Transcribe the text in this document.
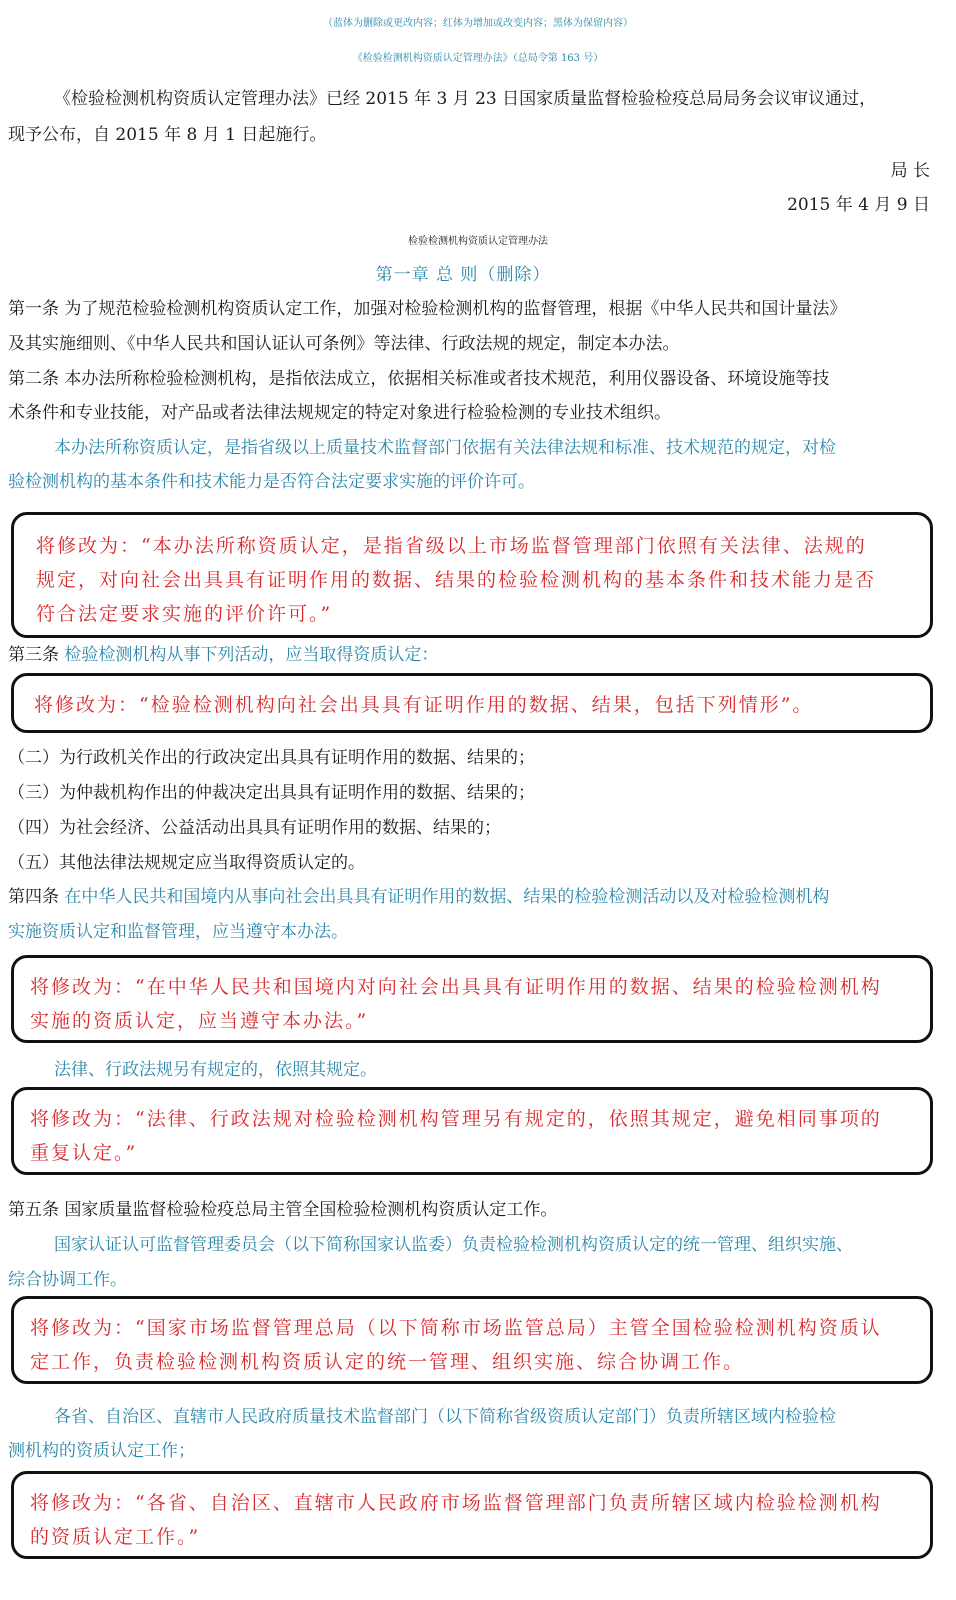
（蓝体为删除或更改内容；红体为增加或改变内容；黑体为保留内容）
《检验检测机构资质认定管理办法》（总局令第 163 号）
《检验检测机构资质认定管理办法》已经 2015 年 3 月 23 日国家质量监督检验检疫总局局务会议审议通过，
现予公布，自 2015 年 8 月 1 日起施行。
局 长
2015 年 4 月 9 日
检验检测机构资质认定管理办法
第一章 总 则（删除）
第一条 为了规范检验检测机构资质认定工作，加强对检验检测机构的监督管理，根据《中华人民共和国计量法》
及其实施细则、《中华人民共和国认证认可条例》等法律、行政法规的规定，制定本办法。
第二条 本办法所称检验检测机构，是指依法成立，依据相关标准或者技术规范，利用仪器设备、环境设施等技
术条件和专业技能，对产品或者法律法规规定的特定对象进行检验检测的专业技术组织。
本办法所称资质认定，是指省级以上质量技术监督部门依据有关法律法规和标准、技术规范的规定，对检
验检测机构的基本条件和技术能力是否符合法定要求实施的评价许可。
将修改为：“本办法所称资质认定，是指省级以上市场监督管理部门依照有关法律、法规的
规定，对向社会出具具有证明作用的数据、结果的检验检测机构的基本条件和技术能力是否
符合法定要求实施的评价许可。”
第三条 检验检测机构从事下列活动，应当取得资质认定：
将修改为：“检验检测机构向社会出具具有证明作用的数据、结果，包括下列情形”。
（二）为行政机关作出的行政决定出具具有证明作用的数据、结果的；
（三）为仲裁机构作出的仲裁决定出具具有证明作用的数据、结果的；
（四）为社会经济、公益活动出具具有证明作用的数据、结果的；
（五）其他法律法规规定应当取得资质认定的。
第四条 在中华人民共和国境内从事向社会出具具有证明作用的数据、结果的检验检测活动以及对检验检测机构
实施资质认定和监督管理，应当遵守本办法。
将修改为：“在中华人民共和国境内对向社会出具具有证明作用的数据、结果的检验检测机构
实施的资质认定，应当遵守本办法。”
法律、行政法规另有规定的，依照其规定。
将修改为：“法律、行政法规对检验检测机构管理另有规定的，依照其规定，避免相同事项的
重复认定。”
第五条 国家质量监督检验检疫总局主管全国检验检测机构资质认定工作。
国家认证认可监督管理委员会（以下简称国家认监委）负责检验检测机构资质认定的统一管理、组织实施、
综合协调工作。
将修改为：“国家市场监督管理总局（以下简称市场监管总局）主管全国检验检测机构资质认
定工作，负责检验检测机构资质认定的统一管理、组织实施、综合协调工作。
各省、自治区、直辖市人民政府质量技术监督部门（以下简称省级资质认定部门）负责所辖区域内检验检
测机构的资质认定工作；
将修改为：“各省、自治区、直辖市人民政府市场监督管理部门负责所辖区域内检验检测机构
的资质认定工作。”
